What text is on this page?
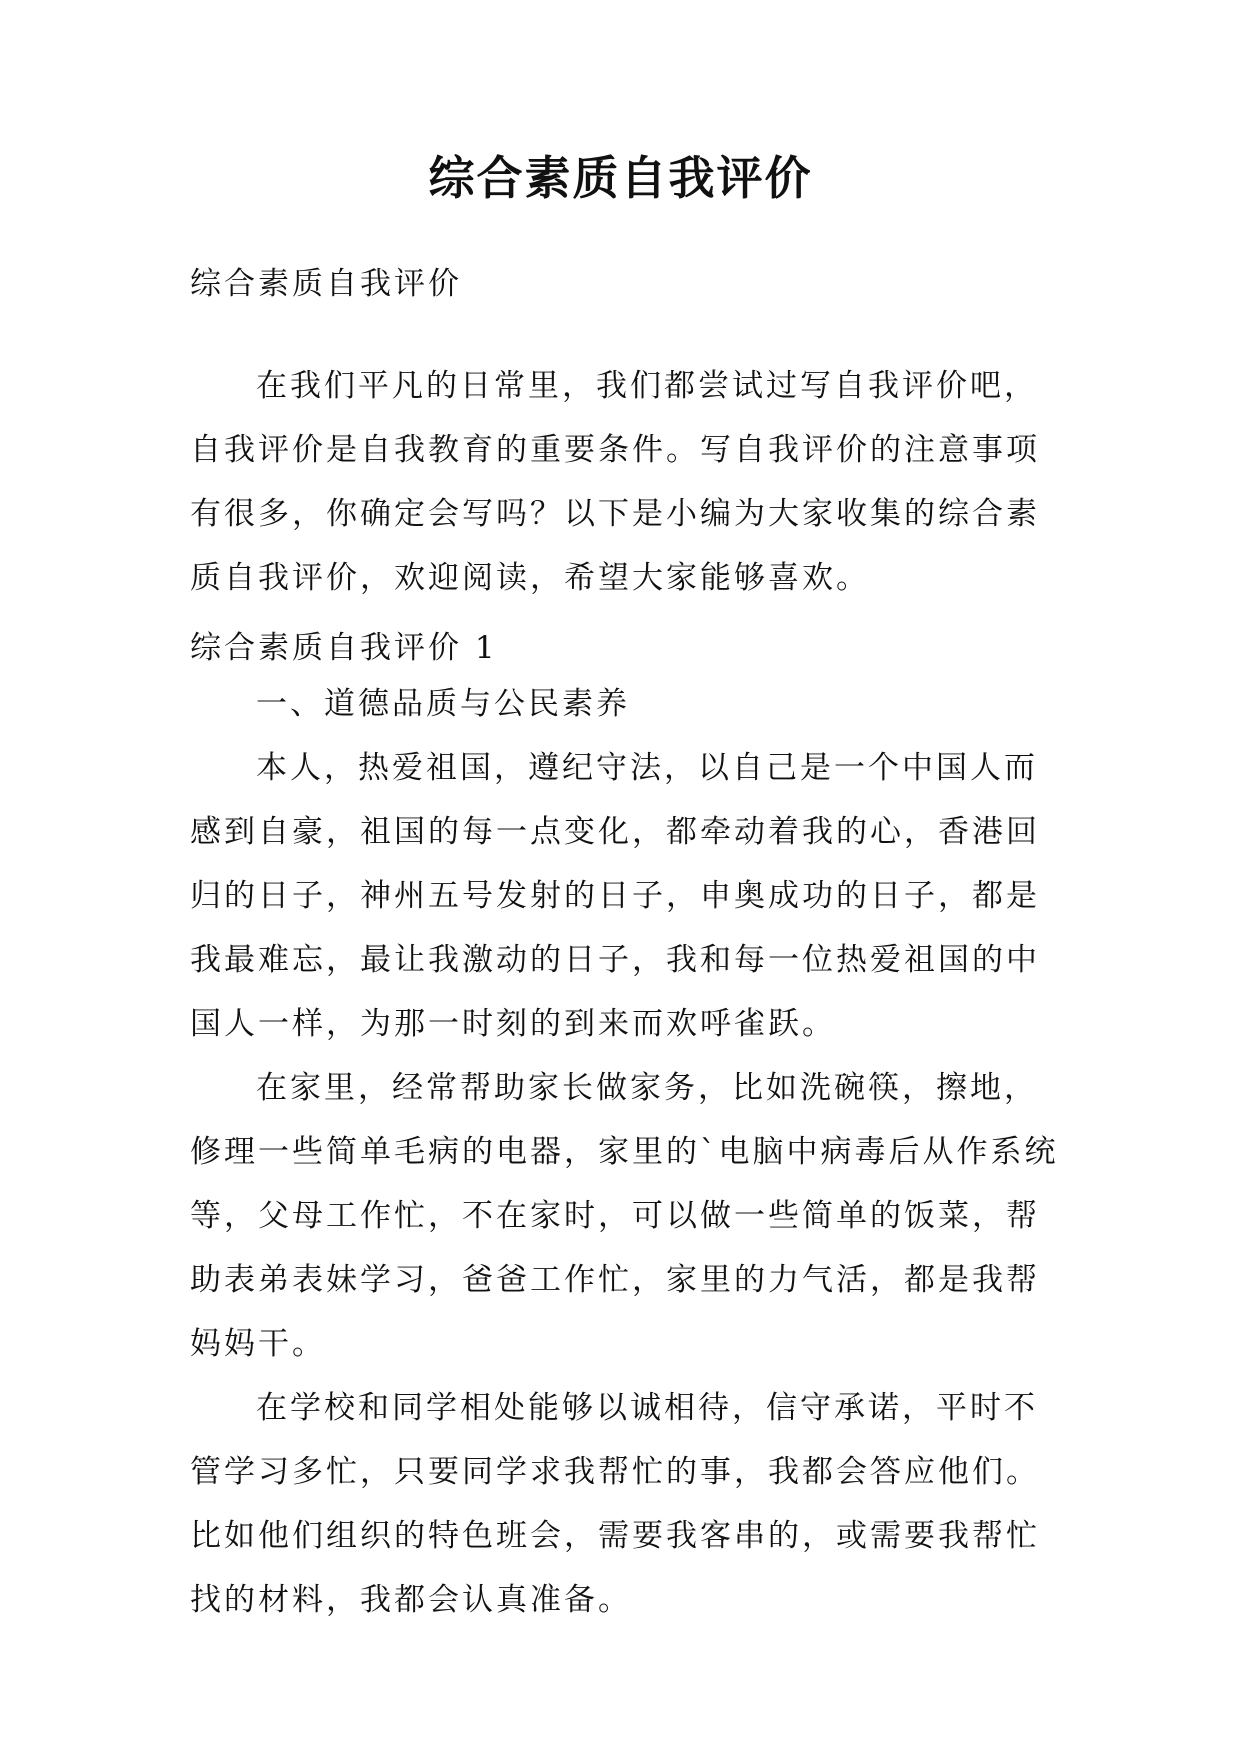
综合素质自我评价
综合素质自我评价

在我们平凡的日常里，我们都尝试过写自我评价吧，自我评价是自我教育的重要条件。写自我评价的注意事项有很多，你确定会写吗？以下是小编为大家收集的综合素质自我评价，欢迎阅读，希望大家能够喜欢。

综合素质自我评价 1

一、道德品质与公民素养

本人，热爱祖国，遵纪守法，以自己是一个中国人而感到自豪，祖国的每一点变化，都牵动着我的心，香港回归的日子，神州五号发射的日子，申奥成功的日子，都是我最难忘，最让我激动的日子，我和每一位热爱祖国的中国人一样，为那一时刻的到来而欢呼雀跃。

在家里，经常帮助家长做家务，比如洗碗筷，擦地，修理一些简单毛病的电器，家里的`电脑中病毒后从作系统等，父母工作忙，不在家时，可以做一些简单的饭菜，帮助表弟表妹学习，爸爸工作忙，家里的力气活，都是我帮妈妈干。

在学校和同学相处能够以诚相待，信守承诺，平时不管学习多忙，只要同学求我帮忙的事，我都会答应他们。比如他们组织的特色班会，需要我客串的，或需要我帮忙找的材料，我都会认真准备。
